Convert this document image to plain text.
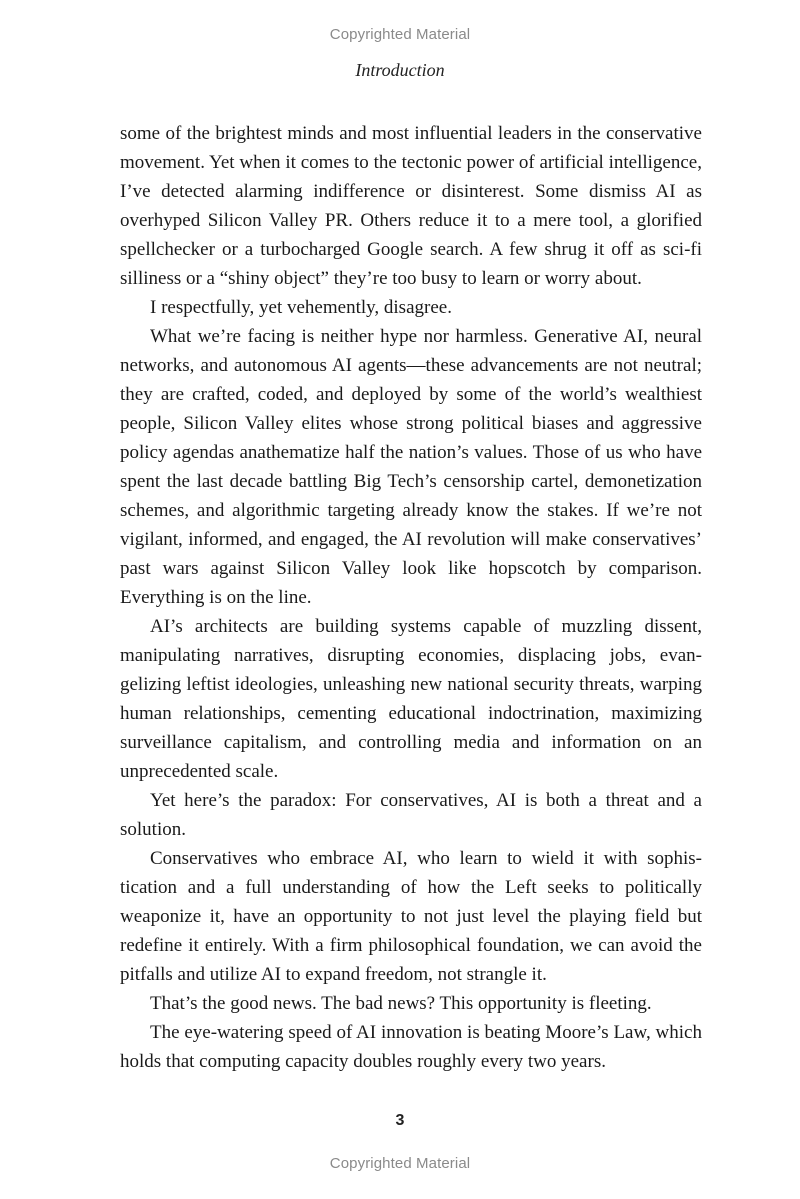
Copyrighted Material
Introduction

some of the brightest minds and most influential leaders in the conservative movement. Yet when it comes to the tectonic power of artificial intelligence, I’ve detected alarming indifference or disinterest. Some dismiss AI as overhyped Silicon Valley PR. Others reduce it to a mere tool, a glorified spellchecker or a turbocharged Google search. A few shrug it off as sci-fi silliness or a “shiny object” they’re too busy to learn or worry about.

I respectfully, yet vehemently, disagree.

What we’re facing is neither hype nor harmless. Generative AI, neural networks, and autonomous AI agents—these advancements are not neutral; they are crafted, coded, and deployed by some of the world’s wealthiest people, Silicon Valley elites whose strong political biases and aggressive policy agendas anathematize half the nation’s values. Those of us who have spent the last decade battling Big Tech’s censorship cartel, demonetization schemes, and algorithmic targeting already know the stakes. If we’re not vigilant, informed, and engaged, the AI revolution will make conservatives’ past wars against Silicon Valley look like hopscotch by comparison. Everything is on the line.

AI’s architects are building systems capable of muzzling dissent, manipulating narratives, disrupting economies, displacing jobs, evangelizing leftist ideologies, unleashing new national security threats, warping human relationships, cementing educational indoctrination, maximizing surveillance capitalism, and controlling media and information on an unprecedented scale.

Yet here’s the paradox: For conservatives, AI is both a threat and a solution.

Conservatives who embrace AI, who learn to wield it with sophistication and a full understanding of how the Left seeks to politically weaponize it, have an opportunity to not just level the playing field but redefine it entirely. With a firm philosophical foundation, we can avoid the pitfalls and utilize AI to expand freedom, not strangle it.

That’s the good news. The bad news? This opportunity is fleeting.

The eye-watering speed of AI innovation is beating Moore’s Law, which holds that computing capacity doubles roughly every two years.

3
Copyrighted Material
